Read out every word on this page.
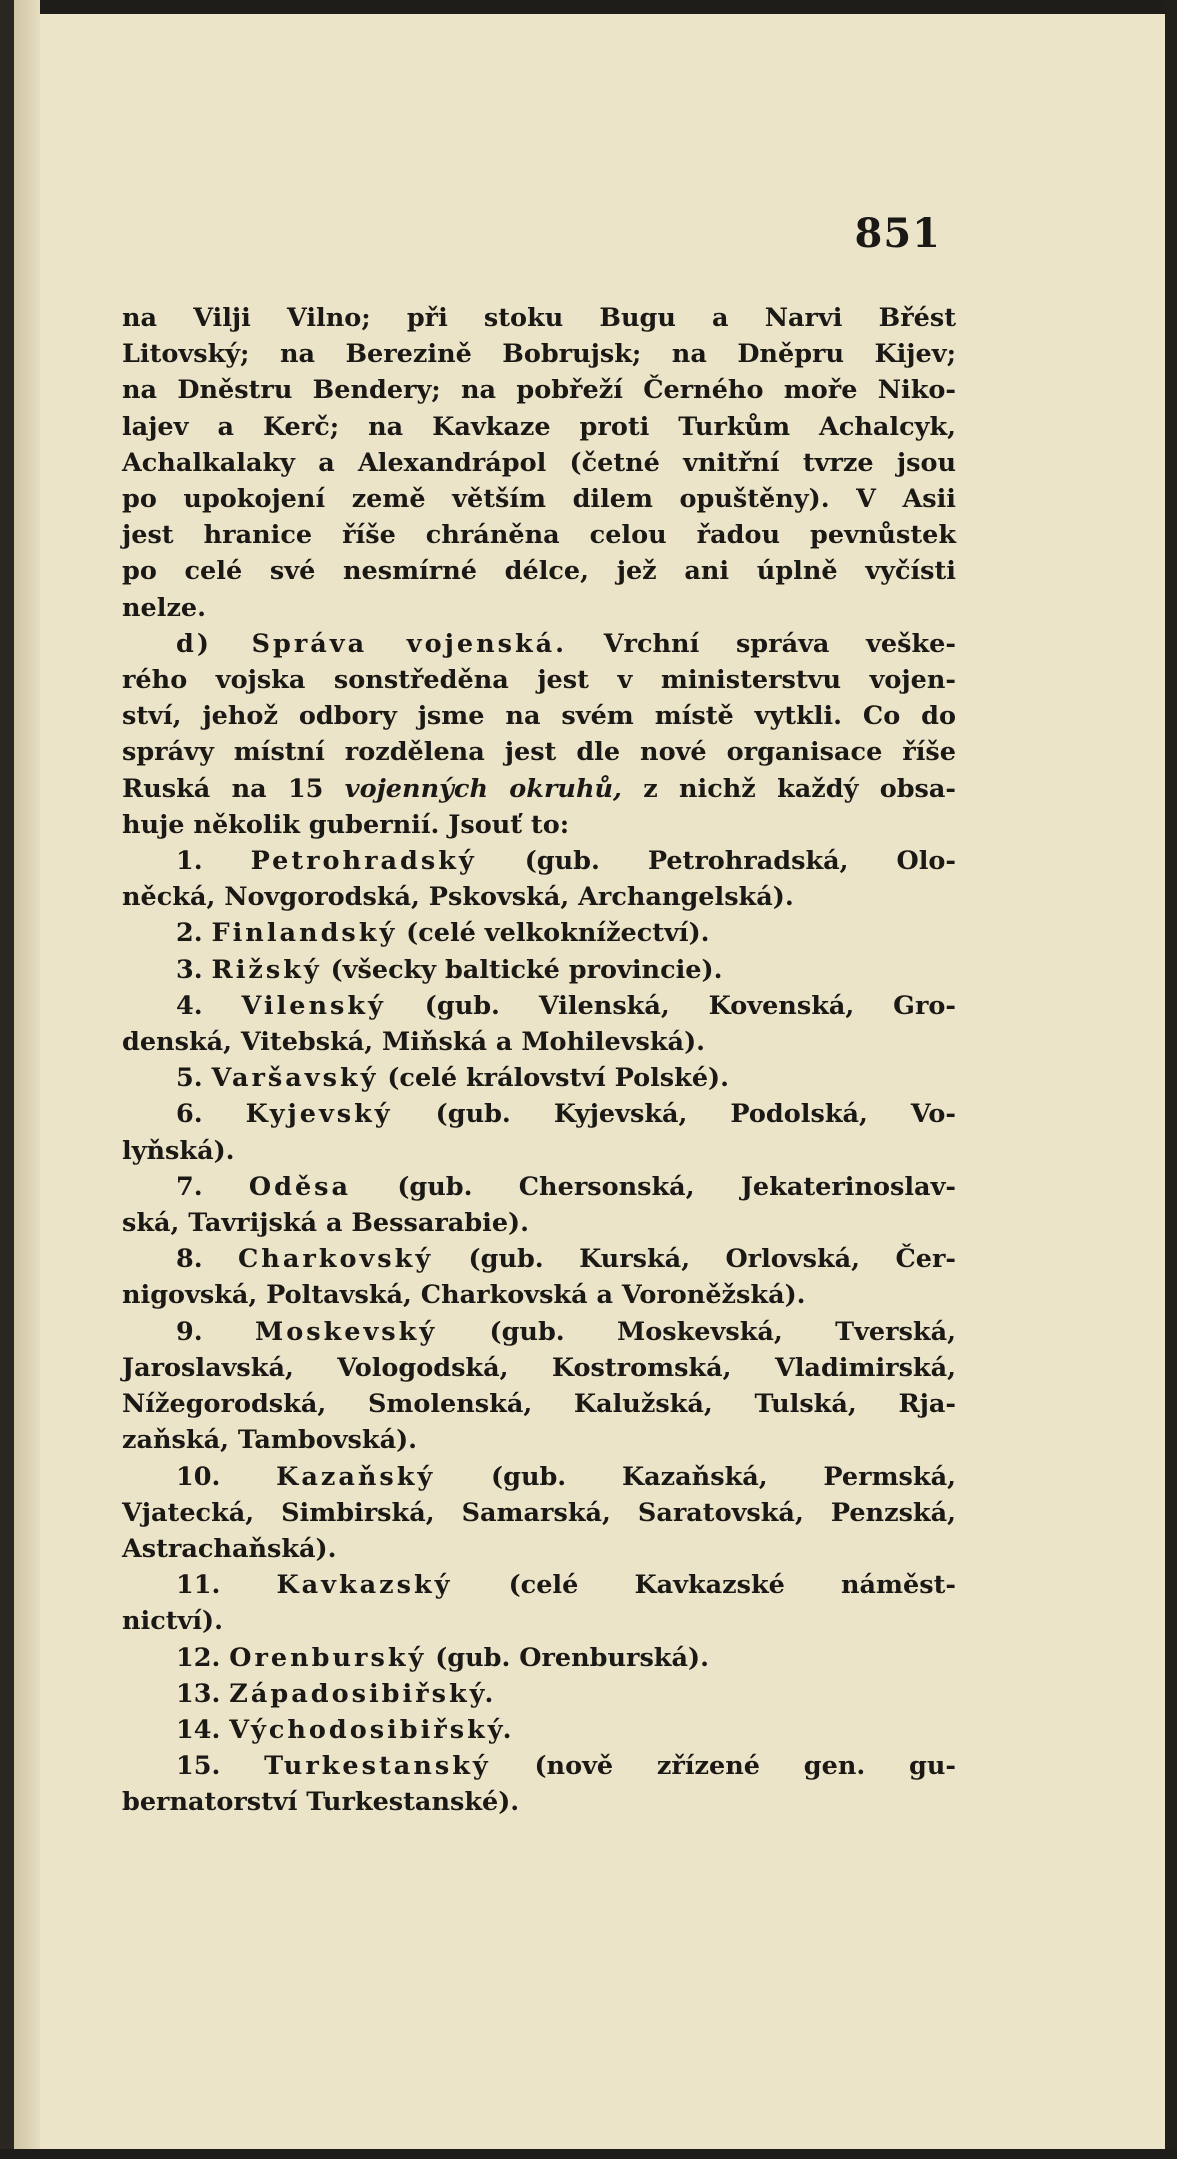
851
na Vilji Vilno; při stoku Bugu a Narvi Břést
Litovský; na Berezině Bobrujsk; na Dněpru Kijev;
na Dněstru Bendery; na pobřeží Černého moře Niko-
lajev a Kerč; na Kavkaze proti Turkům Achalcyk,
Achalkalaky a Alexandrápol (četné vnitřní tvrze jsou
po upokojení země větším dilem opuštěny). V Asii
jest hranice říše chráněna celou řadou pevnůstek
po celé své nesmírné délce, jež ani úplně vyčísti
nelze.
d) Správa vojenská. Vrchní správa veške-
rého vojska sonstředěna jest v ministerstvu vojen-
ství, jehož odbory jsme na svém místě vytkli. Co do
správy místní rozdělena jest dle nové organisace říše
Ruská na 15 vojenných okruhů, z nichž každý obsa-
huje několik gubernií. Jsouť to:
1. Petrohradský (gub. Petrohradská, Olo-
něcká, Novgorodská, Pskovská, Archangelská).
2. Finlandský (celé velkoknížectví).
3. Rižský (všecky baltické provincie).
4. Vilenský (gub. Vilenská, Kovenská, Gro-
denská, Vitebská, Miňská a Mohilevská).
5. Varšavský (celé království Polské).
6. Kyjevský (gub. Kyjevská, Podolská, Vo-
lyňská).
7. Oděsa (gub. Chersonská, Jekaterinoslav-
ská, Tavrijská a Bessarabie).
8. Charkovský (gub. Kurská, Orlovská, Čer-
nigovská, Poltavská, Charkovská a Voroněžská).
9. Moskevský (gub. Moskevská, Tverská,
Jaroslavská, Vologodská, Kostromská, Vladimirská,
Nížegorodská, Smolenská, Kalužská, Tulská, Rja-
zaňská, Tambovská).
10. Kazaňský (gub. Kazaňská, Permská,
Vjatecká, Simbirská, Samarská, Saratovská, Penzská,
Astrachaňská).
11. Kavkazský (celé Kavkazské náměst-
nictví).
12. Orenburský (gub. Orenburská).
13. Západosibiřský.
14. Východosibiřský.
15. Turkestanský (nově zřízené gen. gu-
bernatorství Turkestanské).
